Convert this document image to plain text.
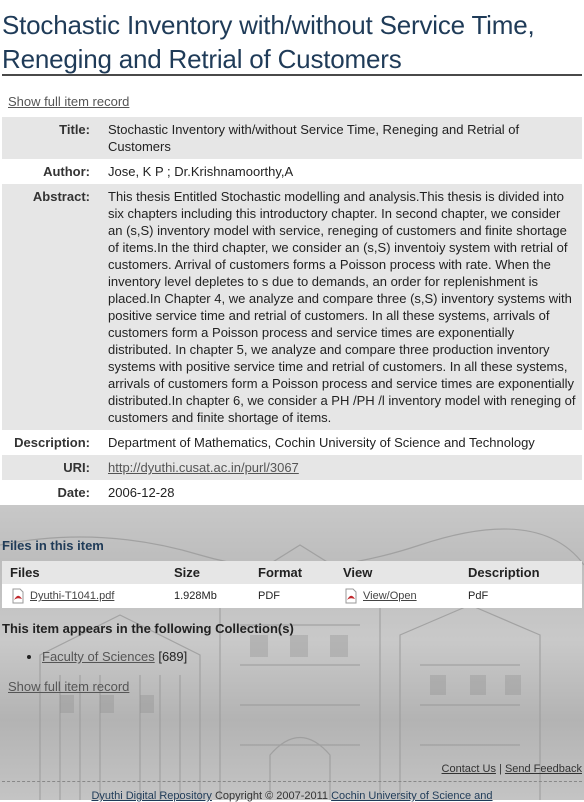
Stochastic Inventory with/without Service Time, Reneging and Retrial of Customers
Show full item record
Title:	Stochastic Inventory with/without Service Time, Reneging and Retrial of Customers
Author:	Jose, K P ; Dr.Krishnamoorthy,A
Abstract:	This thesis Entitled Stochastic modelling and analysis.This thesis is divided into six chapters including this introductory chapter. In second chapter, we consider an (s,S) inventory model with service, reneging of customers and finite shortage of items.In the third chapter, we consider an (s,S) inventoiy system with retrial of customers. Arrival of customers forms a Poisson process with rate. When the inventory level depletes to s due to demands, an order for replenishment is placed.In Chapter 4, we analyze and compare three (s,S) inventory systems with positive service time and retrial of customers. In all these systems, arrivals of customers form a Poisson process and service times are exponentially distributed. In chapter 5, we analyze and compare three production inventory systems with positive service time and retrial of customers. In all these systems, arrivals of customers form a Poisson process and service times are exponentially distributed.In chapter 6, we consider a PH /PH /l inventory model with reneging of customers and finite shortage of items.
Description:	Department of Mathematics, Cochin University of Science and Technology
URI:	http://dyuthi.cusat.ac.in/purl/3067
Date:	2006-12-28
Files in this item
Files	Size	Format	View	Description
Dyuthi-T1041.pdf	1.928Mb	PDF	View/Open	PdF
This item appears in the following Collection(s)
• Faculty of Sciences [689]
Show full item record
Contact Us | Send Feedback
Dyuthi Digital Repository Copyright © 2007-2011 Cochin University of Science and
